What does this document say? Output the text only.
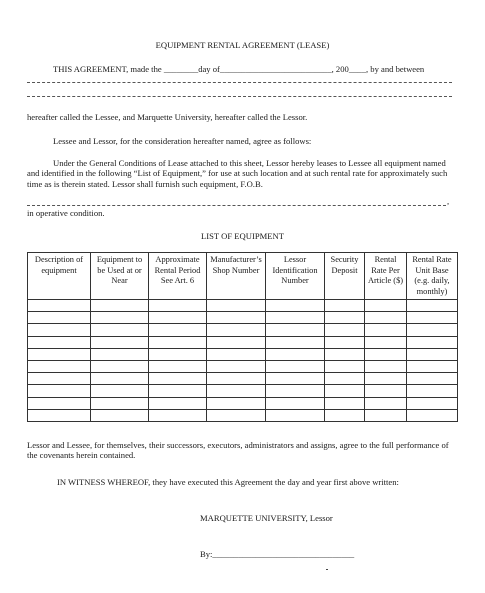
EQUIPMENT RENTAL AGREEMENT (LEASE)
THIS AGREEMENT, made the ________day of__________________________, 200____, by and between
hereafter called the Lessee, and Marquette University, hereafter called the Lessor.
Lessee and Lessor, for the consideration hereafter named, agree as follows:
Under the General Conditions of Lease attached to this sheet, Lessor hereby leases to Lessee all equipment named and identified in the following “List of Equipment,” for use at such location and at such rental rate for approximately such time as is therein stated. Lessor shall furnish such equipment, F.O.B.
,
in operative condition.
LIST OF EQUIPMENT
Description of equipment	Equipment to be Used at or Near	Approximate Rental Period See Art. 6	Manufacturer’s Shop Number	Lessor Identification Number	Security Deposit	Rental Rate Per Article ($)	Rental Rate Unit Base (e.g. daily, monthly)

Lessor and Lessee, for themselves, their successors, executors, administrators and assigns, agree to the full performance of the covenants herein contained.
IN WITNESS WHEREOF, they have executed this Agreement the day and year first above written:
MARQUETTE UNIVERSITY, Lessor
By:_________________________________
